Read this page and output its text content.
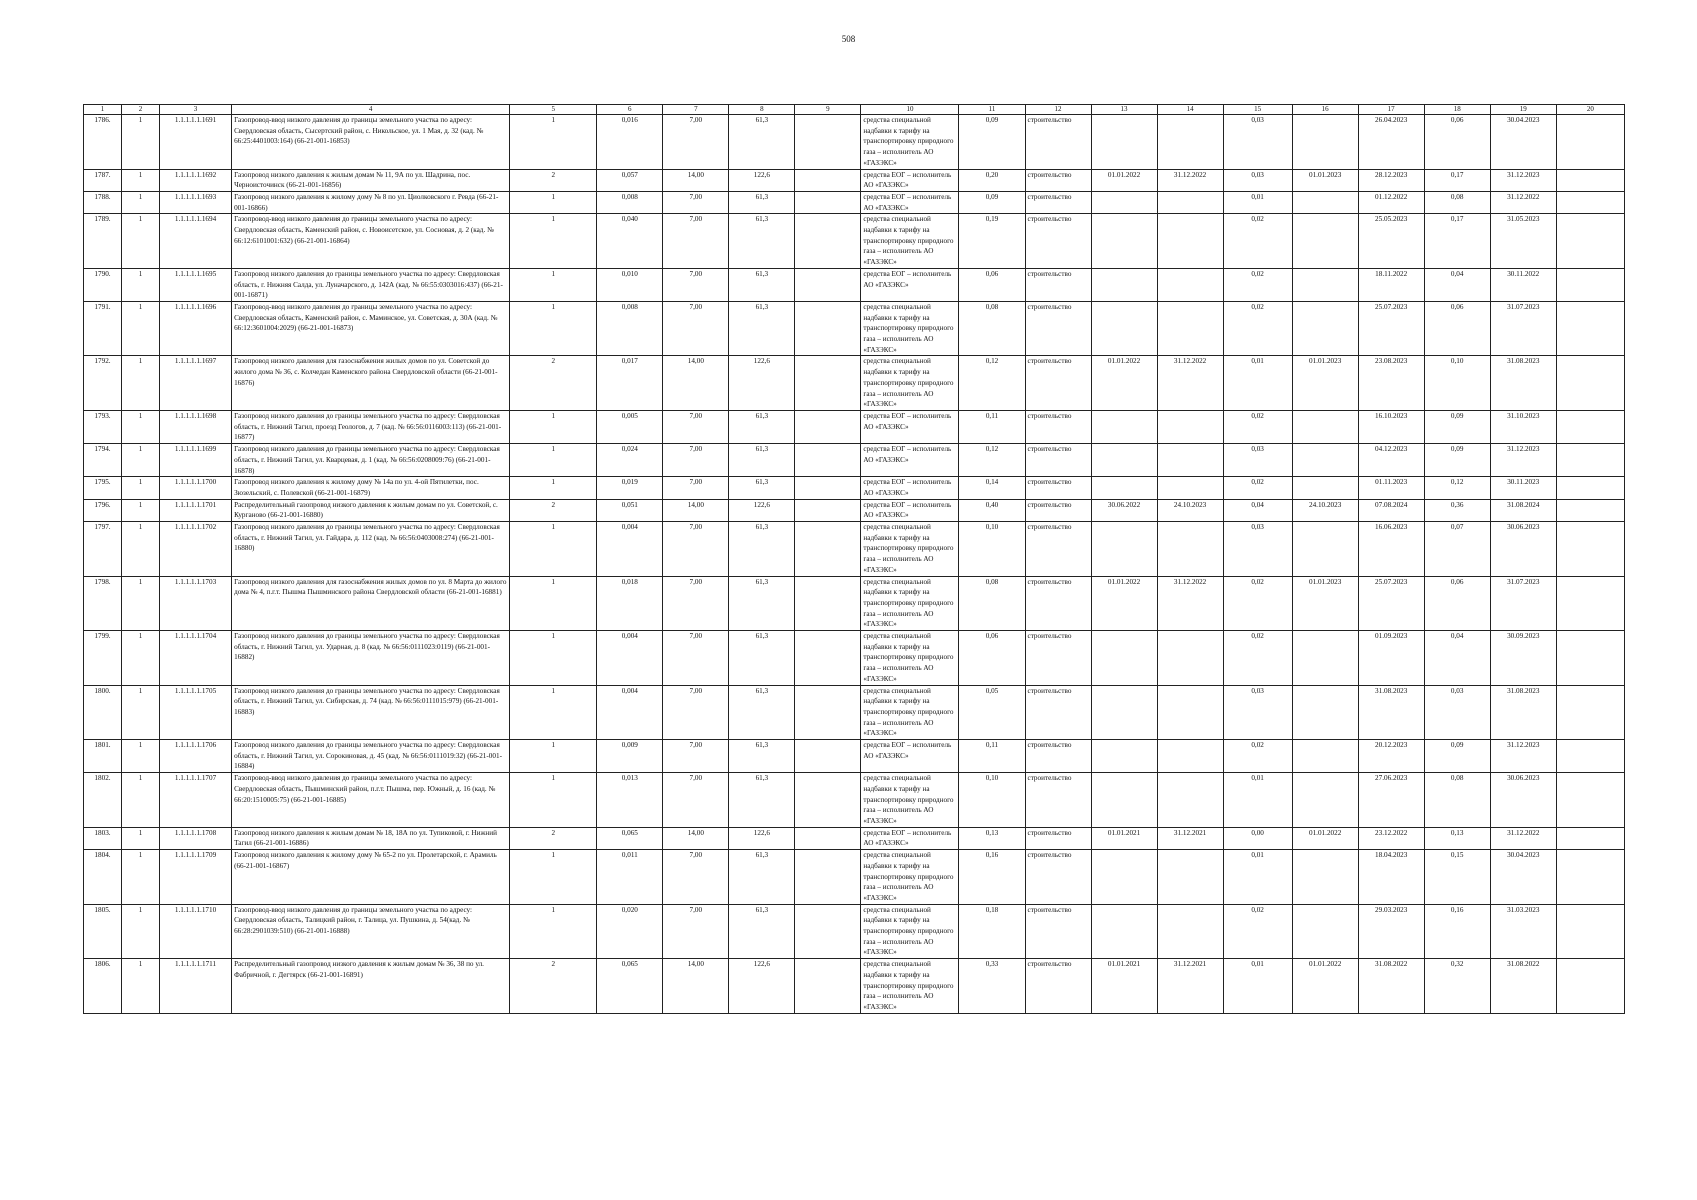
508
1	2	3	4	5	6	7	8	9	10	11	12	13	14	15	16	17	18	19	20
1786.	1	1.1.1.1.1.1691	Газопровод-ввод низкого давления до границы земельного участка по адресу: Свердловская область, Сысертский район, с. Никольское, ул. 1 Мая, д. 32 (кад. № 66:25:4401003:164) (66-21-001-16853)	1	0,016	7,00	61,3		средства специальной надбавки к тарифу на транспортировку природного газа – исполнитель АО «ГАЗЭКС»	0,09	строительство			0,03		26.04.2023	0,06	30.04.2023	
1787.	1	1.1.1.1.1.1692	Газопровод низкого давления к жилым домам № 11, 9А по ул. Шадрина, пос. Черноисточинск (66-21-001-16856)	2	0,057	14,00	122,6		средства ЕОГ – исполнитель АО «ГАЗЭКС»	0,20	строительство	01.01.2022	31.12.2022	0,03	01.01.2023	28.12.2023	0,17	31.12.2023	
1788.	1	1.1.1.1.1.1693	Газопровод низкого давления к жилому дому № 8 по ул. Циолковского г. Ревда (66-21-001-16866)	1	0,008	7,00	61,3		средства ЕОГ – исполнитель АО «ГАЗЭКС»	0,09	строительство			0,01		01.12.2022	0,08	31.12.2022	
1789.	1	1.1.1.1.1.1694	Газопровод-ввод низкого давления до границы земельного участка по адресу: Свердловская область, Каменский район, с. Новоисетское, ул. Сосновая, д. 2 (кад. № 66:12:6101001:632) (66-21-001-16864)	1	0,040	7,00	61,3		средства специальной надбавки к тарифу на транспортировку природного газа – исполнитель АО «ГАЗЭКС»	0,19	строительство			0,02		25.05.2023	0,17	31.05.2023	
1790.	1	1.1.1.1.1.1695	Газопровод низкого давления до границы земельного участка по адресу: Свердловская область, г. Нижняя Салда, ул. Луначарского, д. 142А (кад. № 66:55:0303016:437) (66-21-001-16871)	1	0,010	7,00	61,3		средства ЕОГ – исполнитель АО «ГАЗЭКС»	0,06	строительство			0,02		18.11.2022	0,04	30.11.2022	
1791.	1	1.1.1.1.1.1696	Газопровод-ввод низкого давления до границы земельного участка по адресу: Свердловская область, Каменский район, с. Маминское, ул. Советская, д. 30А (кад. № 66:12:3601004:2029) (66-21-001-16873)	1	0,008	7,00	61,3		средства специальной надбавки к тарифу на транспортировку природного газа – исполнитель АО «ГАЗЭКС»	0,08	строительство			0,02		25.07.2023	0,06	31.07.2023	
1792.	1	1.1.1.1.1.1697	Газопровод низкого давления для газоснабжения жилых домов по ул. Советской до жилого дома № 36, с. Колчедан Каменского района Свердловской области (66-21-001-16876)	2	0,017	14,00	122,6		средства специальной надбавки к тарифу на транспортировку природного газа – исполнитель АО «ГАЗЭКС»	0,12	строительство	01.01.2022	31.12.2022	0,01	01.01.2023	23.08.2023	0,10	31.08.2023	
1793.	1	1.1.1.1.1.1698	Газопровод низкого давления до границы земельного участка по адресу: Свердловская область, г. Нижний Тагил, проезд Геологов, д. 7 (кад. № 66:56:0116003:113) (66-21-001-16877)	1	0,005	7,00	61,3		средства ЕОГ – исполнитель АО «ГАЗЭКС»	0,11	строительство			0,02		16.10.2023	0,09	31.10.2023	
1794.	1	1.1.1.1.1.1699	Газопровод низкого давления до границы земельного участка по адресу: Свердловская область, г. Нижний Тагил, ул. Кварцевая, д. 1 (кад. № 66:56:0208009:76) (66-21-001-16878)	1	0,024	7,00	61,3		средства ЕОГ – исполнитель АО «ГАЗЭКС»	0,12	строительство			0,03		04.12.2023	0,09	31.12.2023	
1795.	1	1.1.1.1.1.1700	Газопровод низкого давления к жилому дому № 14а по ул. 4-ой Пятилетки, пос. Зюзельский, с. Полевской (66-21-001-16879)	1	0,019	7,00	61,3		средства ЕОГ – исполнитель АО «ГАЗЭКС»	0,14	строительство			0,02		01.11.2023	0,12	30.11.2023	
1796.	1	1.1.1.1.1.1701	Распределительный газопровод низкого давления к жилым домам по ул. Советской, с. Курганово (66-21-001-16880)	2	0,051	14,00	122,6		средства ЕОГ – исполнитель АО «ГАЗЭКС»	0,40	строительство	30.06.2022	24.10.2023	0,04	24.10.2023	07.08.2024	0,36	31.08.2024	
1797.	1	1.1.1.1.1.1702	Газопровод низкого давления до границы земельного участка по адресу: Свердловская область, г. Нижний Тагил, ул. Гайдара, д. 112 (кад. № 66:56:0403008:274) (66-21-001-16880)	1	0,004	7,00	61,3		средства специальной надбавки к тарифу на транспортировку природного газа – исполнитель АО «ГАЗЭКС»	0,10	строительство			0,03		16.06.2023	0,07	30.06.2023	
1798.	1	1.1.1.1.1.1703	Газопровод низкого давления для газоснабжения жилых домов по ул. 8 Марта до жилого дома № 4, п.г.т. Пышма Пышминского района Свердловской области (66-21-001-16881)	1	0,018	7,00	61,3		средства специальной надбавки к тарифу на транспортировку природного газа – исполнитель АО «ГАЗЭКС»	0,08	строительство	01.01.2022	31.12.2022	0,02	01.01.2023	25.07.2023	0,06	31.07.2023	
1799.	1	1.1.1.1.1.1704	Газопровод низкого давления до границы земельного участка по адресу: Свердловская область, г. Нижний Тагил, ул. Ударная, д. 8 (кад. № 66:56:0111023:0119) (66-21-001-16882)	1	0,004	7,00	61,3		средства специальной надбавки к тарифу на транспортировку природного газа – исполнитель АО «ГАЗЭКС»	0,06	строительство			0,02		01.09.2023	0,04	30.09.2023	
1800.	1	1.1.1.1.1.1705	Газопровод низкого давления до границы земельного участка по адресу: Свердловская область, г. Нижний Тагил, ул. Сибирская, д. 74 (кад. № 66:56:0111015:979) (66-21-001-16883)	1	0,004	7,00	61,3		средства специальной надбавки к тарифу на транспортировку природного газа – исполнитель АО «ГАЗЭКС»	0,05	строительство			0,03		31.08.2023	0,03	31.08.2023	
1801.	1	1.1.1.1.1.1706	Газопровод низкого давления до границы земельного участка по адресу: Свердловская область, г. Нижний Тагил, ул. Сорокиновая, д. 45 (кад. № 66:56:0111019:32) (66-21-001-16884)	1	0,009	7,00	61,3		средства ЕОГ – исполнитель АО «ГАЗЭКС»	0,11	строительство			0,02		20.12.2023	0,09	31.12.2023	
1802.	1	1.1.1.1.1.1707	Газопровод-ввод низкого давления до границы земельного участка по адресу: Свердловская область, Пышминский район, п.г.т. Пышма, пер. Южный, д. 16 (кад. № 66:20:1510005:75) (66-21-001-16885)	1	0,013	7,00	61,3		средства специальной надбавки к тарифу на транспортировку природного газа – исполнитель АО «ГАЗЭКС»	0,10	строительство			0,01		27.06.2023	0,08	30.06.2023	
1803.	1	1.1.1.1.1.1708	Газопровод низкого давления к жилым домам № 18, 18А по ул. Тупиковой, г. Нижний Тагил (66-21-001-16886)	2	0,065	14,00	122,6		средства ЕОГ – исполнитель АО «ГАЗЭКС»	0,13	строительство	01.01.2021	31.12.2021	0,00	01.01.2022	23.12.2022	0,13	31.12.2022	
1804.	1	1.1.1.1.1.1709	Газопровод низкого давления к жилому дому № 65-2 по ул. Пролетарской, г. Арамиль (66-21-001-16867)	1	0,011	7,00	61,3		средства специальной надбавки к тарифу на транспортировку природного газа – исполнитель АО «ГАЗЭКС»	0,16	строительство			0,01		18.04.2023	0,15	30.04.2023	
1805.	1	1.1.1.1.1.1710	Газопровод-ввод низкого давления до границы земельного участка по адресу: Свердловская область, Талицкий район, г. Талица, ул. Пушкина, д. 54(кад. № 66:28:2901039:510) (66-21-001-16888)	1	0,020	7,00	61,3		средства специальной надбавки к тарифу на транспортировку природного газа – исполнитель АО «ГАЗЭКС»	0,18	строительство			0,02		29.03.2023	0,16	31.03.2023	
1806.	1	1.1.1.1.1.1711	Распределительный газопровод низкого давления к жилым домам № 36, 38 по ул. Фабричной, г. Дегтярск (66-21-001-16891)	2	0,065	14,00	122,6		средства специальной надбавки к тарифу на транспортировку природного газа – исполнитель АО «ГАЗЭКС»	0,33	строительство	01.01.2021	31.12.2021	0,01	01.01.2022	31.08.2022	0,32	31.08.2022	
